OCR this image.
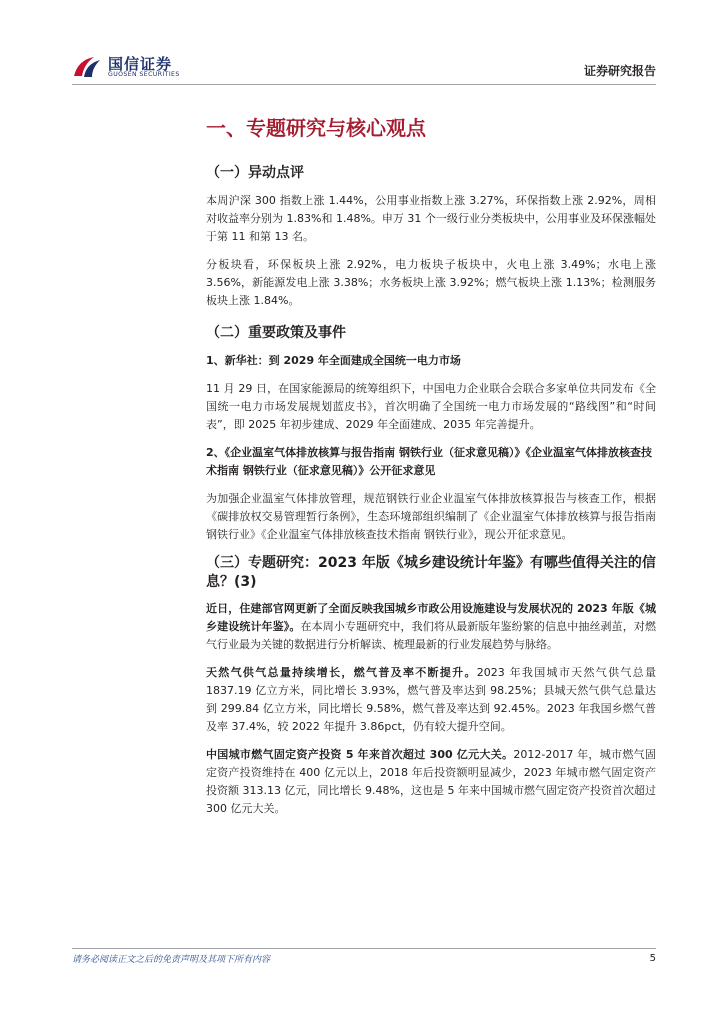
国信证券
GUOSEN SECURITIES	证券研究报告
一、专题研究与核心观点
（一）异动点评

本周沪深 300 指数上涨 1.44%，公用事业指数上涨 3.27%，环保指数上涨 2.92%，周相对收益率分别为 1.83%和 1.48%。申万 31 个一级行业分类板块中，公用事业及环保涨幅处于第 11 和第 13 名。

分板块看，环保板块上涨 2.92%，电力板块子板块中，火电上涨 3.49%；水电上涨 3.56%，新能源发电上涨 3.38%；水务板块上涨 3.92%；燃气板块上涨 1.13%；检测服务板块上涨 1.84%。

（二）重要政策及事件

1、新华社：到 2029 年全面建成全国统一电力市场

11 月 29 日，在国家能源局的统筹组织下，中国电力企业联合会联合多家单位共同发布《全国统一电力市场发展规划蓝皮书》，首次明确了全国统一电力市场发展的“路线图”和“时间表”，即 2025 年初步建成、2029 年全面建成、2035 年完善提升。

2、《企业温室气体排放核算与报告指南 钢铁行业（征求意见稿）》《企业温室气体排放核查技术指南 钢铁行业（征求意见稿）》公开征求意见

为加强企业温室气体排放管理，规范钢铁行业企业温室气体排放核算报告与核查工作，根据《碳排放权交易管理暂行条例》，生态环境部组织编制了《企业温室气体排放核算与报告指南 钢铁行业》《企业温室气体排放核查技术指南 钢铁行业》，现公开征求意见。

（三）专题研究：2023 年版《城乡建设统计年鉴》有哪些值得关注的信息？(3)

近日，住建部官网更新了全面反映我国城乡市政公用设施建设与发展状况的 2023 年版《城乡建设统计年鉴》。在本周小专题研究中，我们将从最新版年鉴纷繁的信息中抽丝剥茧，对燃气行业最为关键的数据进行分析解读、梳理最新的行业发展趋势与脉络。

天然气供气总量持续增长，燃气普及率不断提升。2023 年我国城市天然气供气总量 1837.19 亿立方米，同比增长 3.93%，燃气普及率达到 98.25%；县城天然气供气总量达到 299.84 亿立方米，同比增长 9.58%，燃气普及率达到 92.45%。2023 年我国乡燃气普及率 37.4%，较 2022 年提升 3.86pct，仍有较大提升空间。

中国城市燃气固定资产投资 5 年来首次超过 300 亿元大关。2012-2017 年，城市燃气固定资产投资维持在 400 亿元以上，2018 年后投资额明显减少，2023 年城市燃气固定资产投资额 313.13 亿元，同比增长 9.48%，这也是 5 年来中国城市燃气固定资产投资首次超过 300 亿元大关。

请务必阅读正文之后的免责声明及其项下所有内容	5
